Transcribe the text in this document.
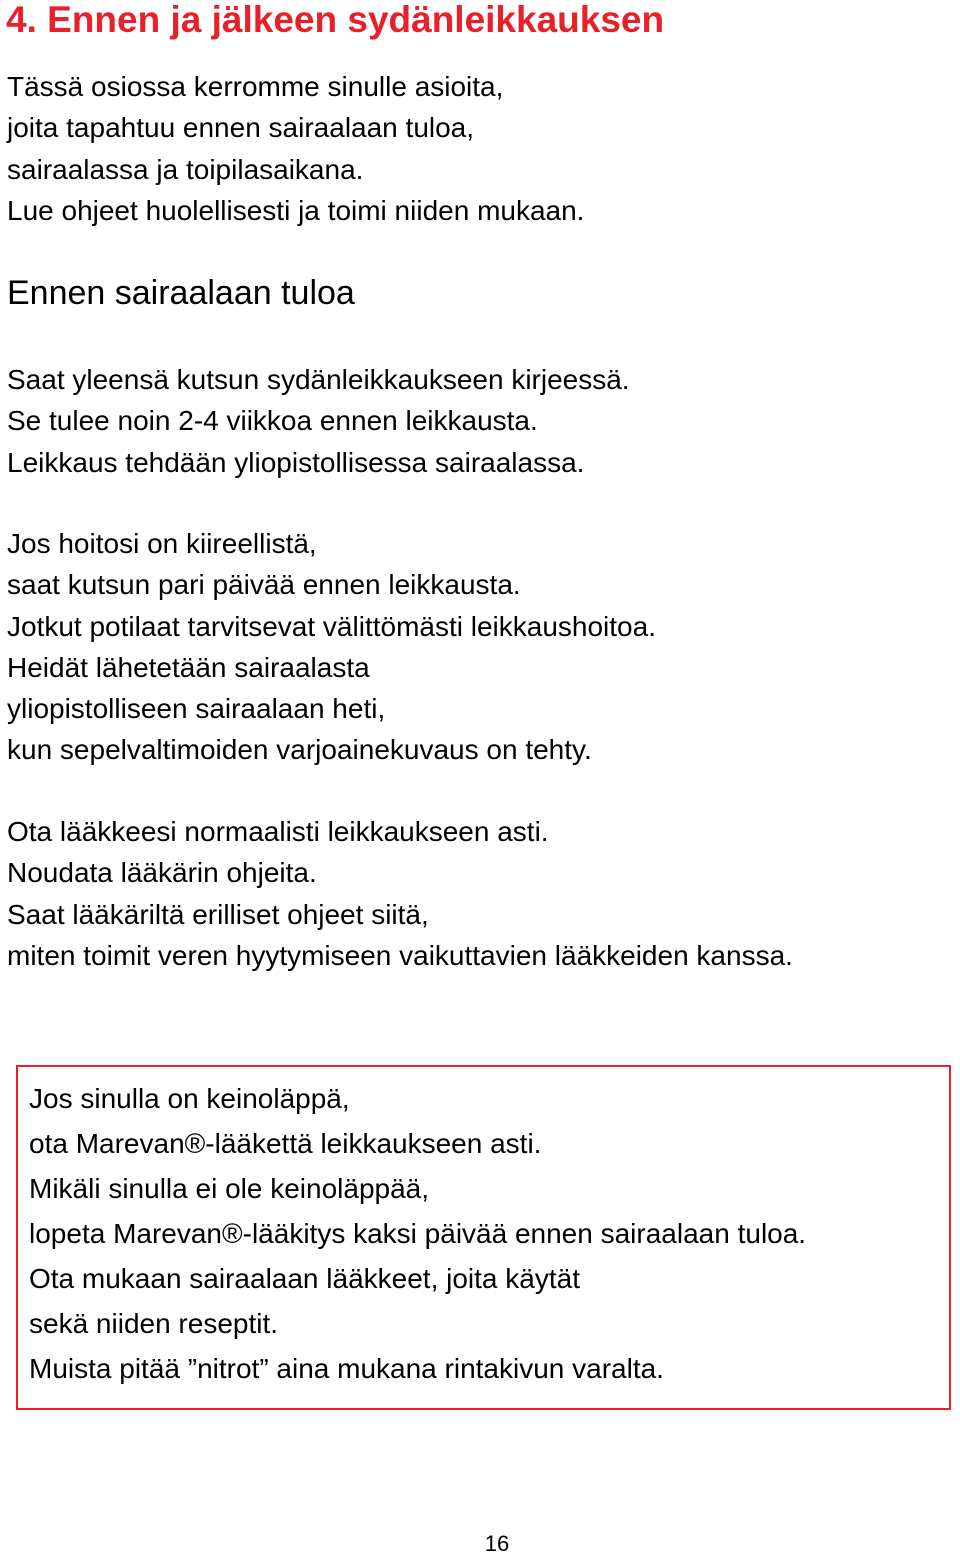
4. Ennen ja jälkeen sydänleikkauksen
Tässä osiossa kerromme sinulle asioita,
joita tapahtuu ennen sairaalaan tuloa,
sairaalassa ja toipilasaikana.
Lue ohjeet huolellisesti ja toimi niiden mukaan.
Ennen sairaalaan tuloa
Saat yleensä kutsun sydänleikkaukseen kirjeessä.
Se tulee noin 2-4 viikkoa ennen leikkausta.
Leikkaus tehdään yliopistollisessa sairaalassa.
Jos hoitosi on kiireellistä,
saat kutsun pari päivää ennen leikkausta.
Jotkut potilaat tarvitsevat välittömästi leikkaushoitoa.
Heidät lähetetään sairaalasta
yliopistolliseen sairaalaan heti,
kun sepelvaltimoiden varjoainekuvaus on tehty.
Ota lääkkeesi normaalisti leikkaukseen asti.
Noudata lääkärin ohjeita.
Saat lääkäriltä erilliset ohjeet siitä,
miten toimit veren hyytymiseen vaikuttavien lääkkeiden kanssa.
Jos sinulla on keinoläppä,
ota Marevan®-lääkettä leikkaukseen asti.
Mikäli sinulla ei ole keinoläppää,
lopeta Marevan®-lääkitys kaksi päivää ennen sairaalaan tuloa.
Ota mukaan sairaalaan lääkkeet, joita käytät
sekä niiden reseptit.
Muista pitää ”nitrot” aina mukana rintakivun varalta.
16
